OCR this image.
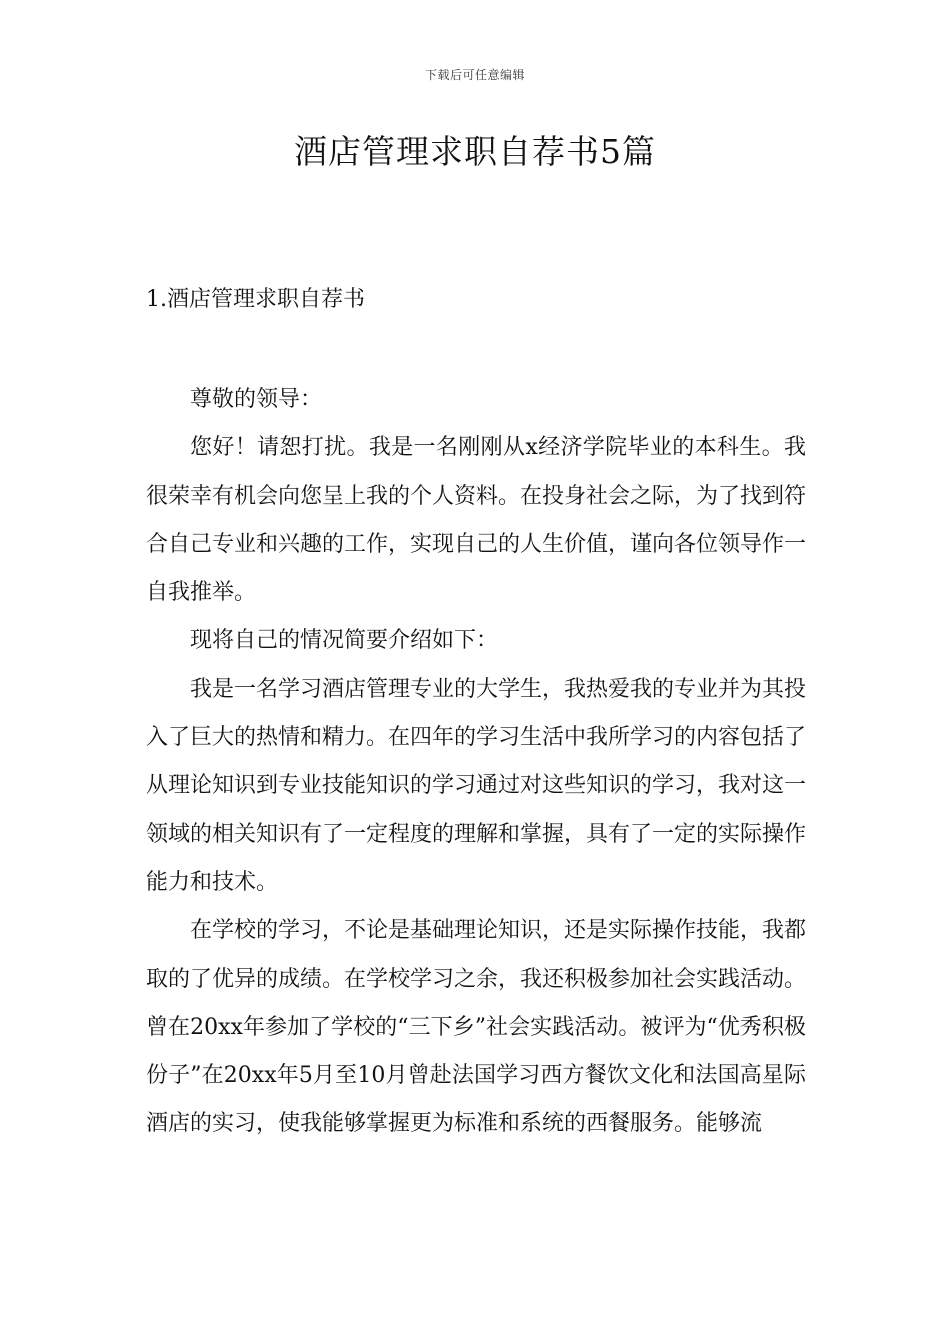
下载后可任意编辑
酒店管理求职自荐书5篇
1.酒店管理求职自荐书

尊敬的领导：

您好！请恕打扰。我是一名刚刚从x经济学院毕业的本科生。我很荣幸有机会向您呈上我的个人资料。在投身社会之际，为了找到符合自己专业和兴趣的工作，实现自己的人生价值，谨向各位领导作一自我推举。

现将自己的情况简要介绍如下：

我是一名学习酒店管理专业的大学生，我热爱我的专业并为其投入了巨大的热情和精力。在四年的学习生活中我所学习的内容包括了从理论知识到专业技能知识的学习通过对这些知识的学习，我对这一领域的相关知识有了一定程度的理解和掌握，具有了一定的实际操作能力和技术。

在学校的学习，不论是基础理论知识，还是实际操作技能，我都取的了优异的成绩。在学校学习之余，我还积极参加社会实践活动。曾在20xx年参加了学校的“三下乡”社会实践活动。被评为“优秀积极份子”在20xx年5月至10月曾赴法国学习西方餐饮文化和法国高星际酒店的实习，使我能够掌握更为标准和系统的西餐服务。能够流
